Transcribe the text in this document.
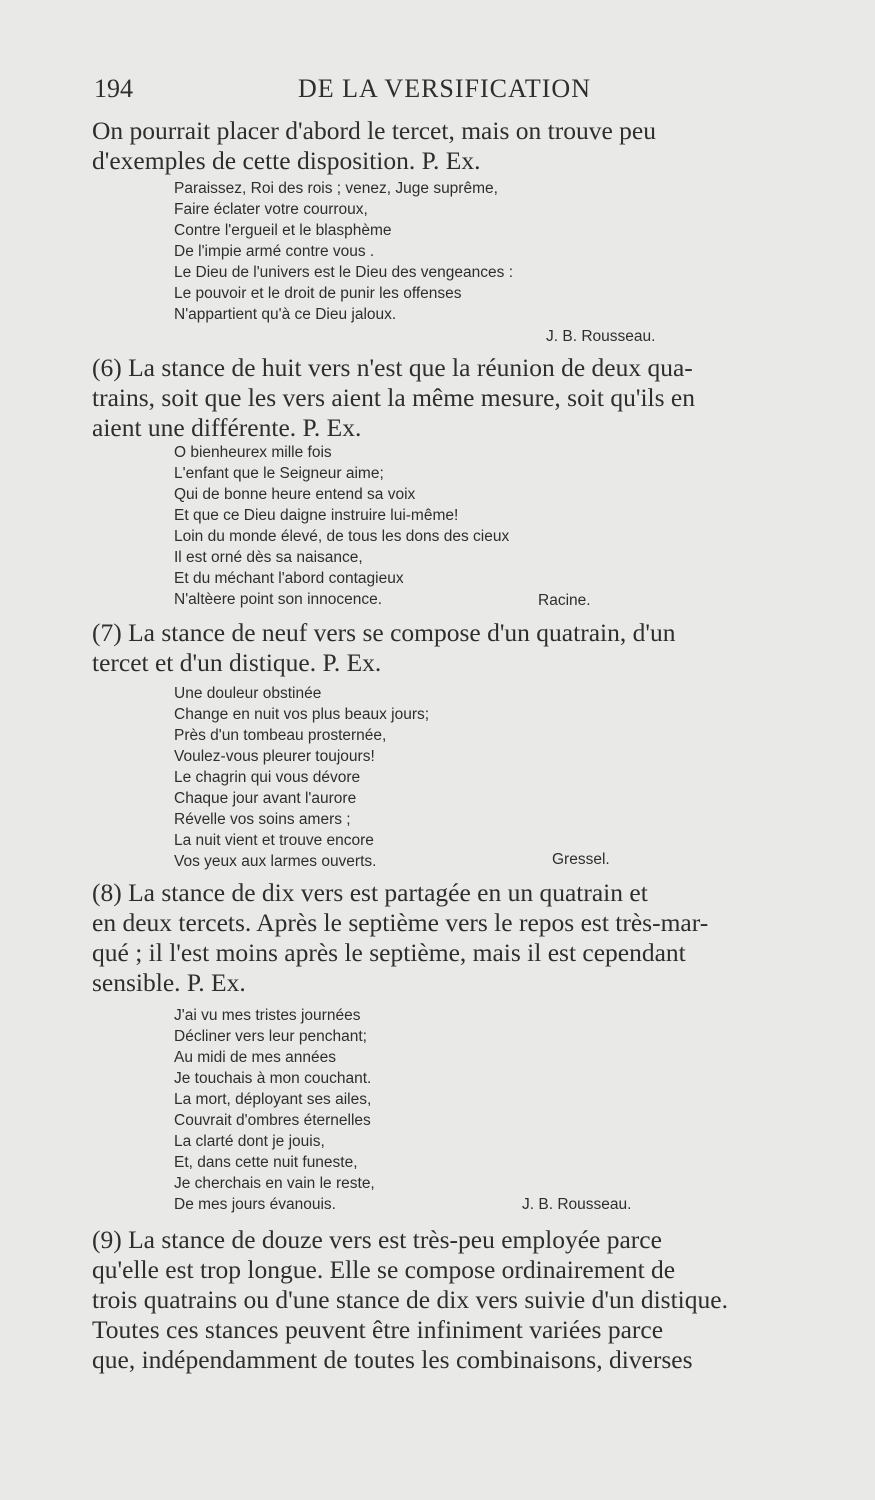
194	DE LA VERSIFICATION

On pourrait placer d'abord le tercet, mais on trouve peu
d'exemples de cette disposition. P. Ex.

Paraissez, Roi des rois ; venez, Juge suprême,
Faire éclater votre courroux,
Contre l'ergueil et le blasphème
De l'impie armé contre vous .
Le Dieu de l'univers est le Dieu des vengeances :
Le pouvoir et le droit de punir les offenses
N'appartient qu'à ce Dieu jaloux.
J. B. Rousseau.

(6) La stance de huit vers n'est que la réunion de deux qua-
trains, soit que les vers aient la même mesure, soit qu'ils en
aient une différente. P. Ex.

O bienheurex mille fois
L'enfant que le Seigneur aime;
Qui de bonne heure entend sa voix
Et que ce Dieu daigne instruire lui-même!
Loin du monde élevé, de tous les dons des cieux
Il est orné dès sa naisance,
Et du méchant l'abord contagieux
N'altèere point son innocence.	Racine.

(7) La stance de neuf vers se compose d'un quatrain, d'un
tercet et d'un distique. P. Ex.

Une douleur obstinée
Change en nuit vos plus beaux jours;
Près d'un tombeau prosternée,
Voulez-vous pleurer toujours!
Le chagrin qui vous dévore
Chaque jour avant l'aurore
Révelle vos soins amers ;
La nuit vient et trouve encore
Vos yeux aux larmes ouverts.	Gressel.

(8) La stance de dix vers est partagée en un quatrain et
en deux tercets. Après le septième vers le repos est très-mar-
qué ; il l'est moins après le septième, mais il est cependant
sensible. P. Ex.

J'ai vu mes tristes journées
Décliner vers leur penchant;
Au midi de mes années
Je touchais à mon couchant.
La mort, déployant ses ailes,
Couvrait d'ombres éternelles
La clarté dont je jouis,
Et, dans cette nuit funeste,
Je cherchais en vain le reste,
De mes jours évanouis.	J. B. Rousseau.

(9) La stance de douze vers est très-peu employée parce
qu'elle est trop longue. Elle se compose ordinairement de
trois quatrains ou d'une stance de dix vers suivie d'un distique.
Toutes ces stances peuvent être infiniment variées parce
que, indépendamment de toutes les combinaisons, diverses
